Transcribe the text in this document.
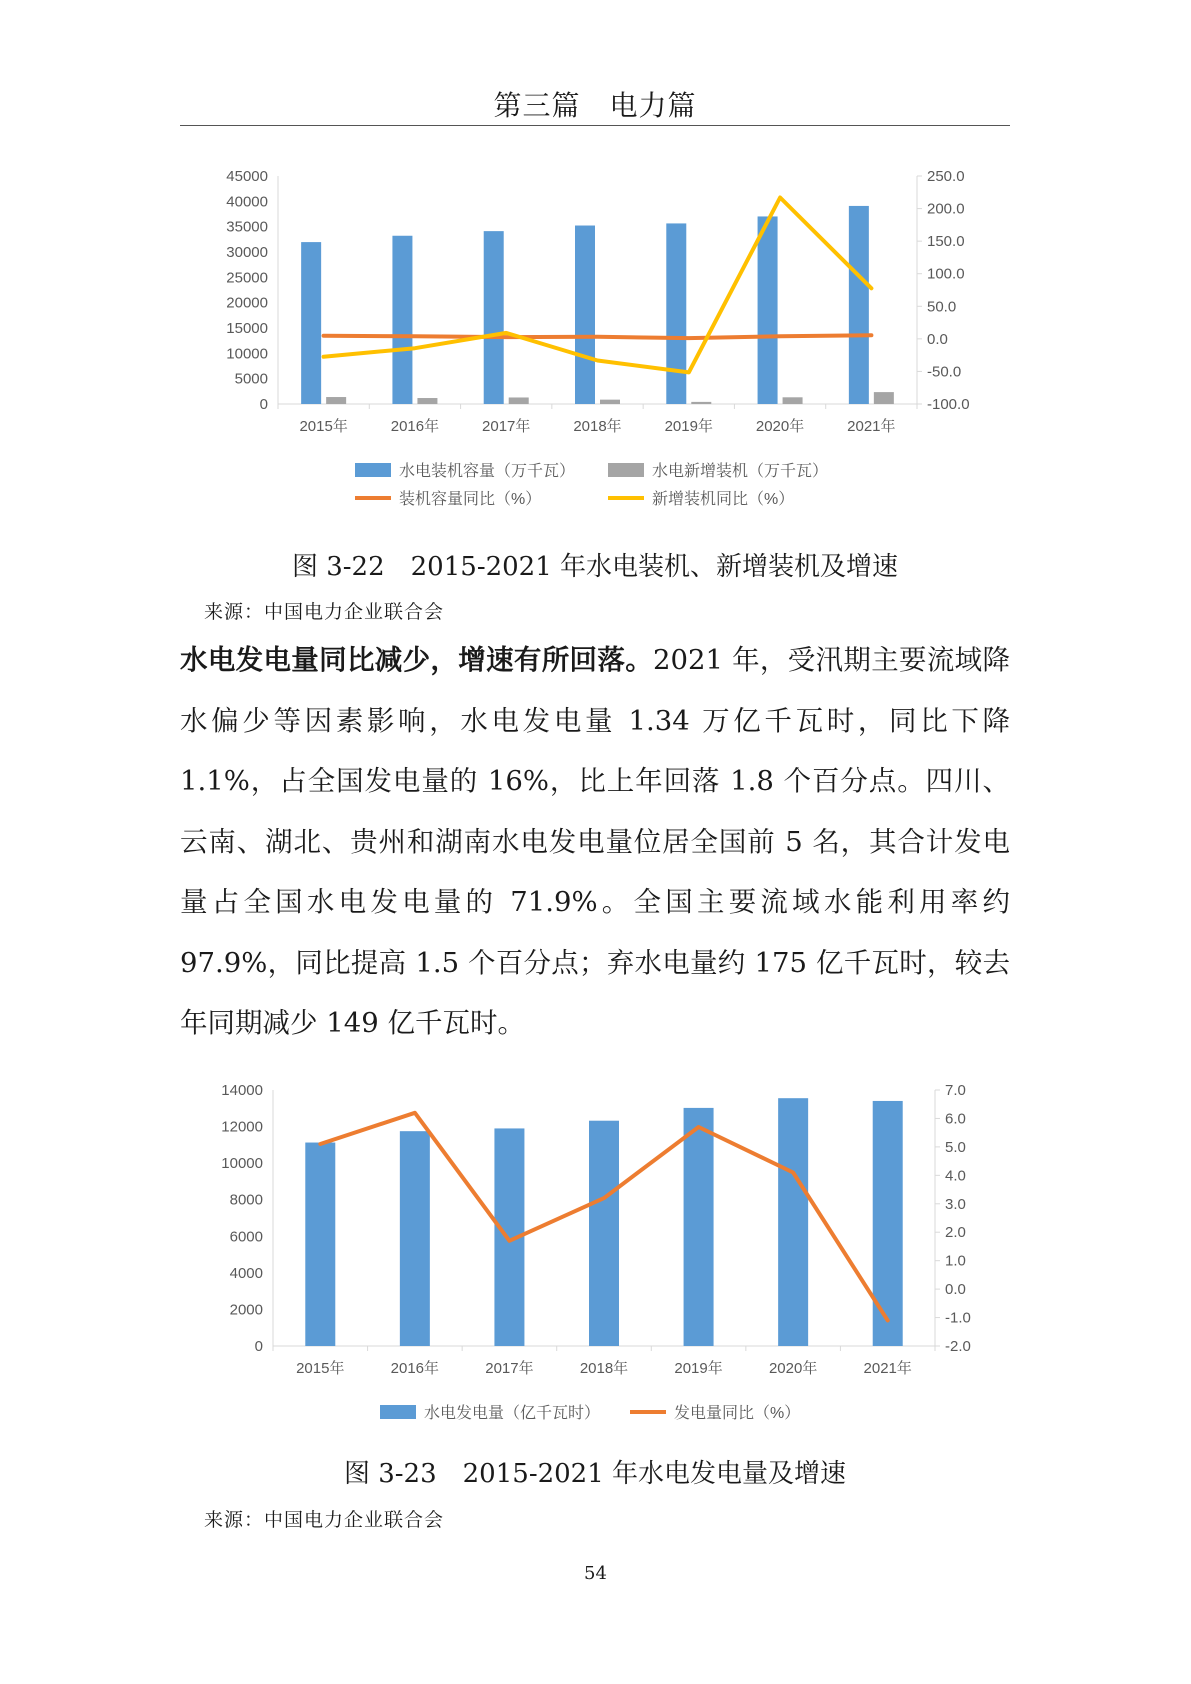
第三篇　电力篇
0
5000
10000
15000
20000
25000
30000
35000
40000
45000
-100.0
-50.0
0.0
50.0
100.0
150.0
200.0
250.0
2015年	2016年	2017年	2018年	2019年	2020年	2021年
水电装机容量（万千瓦）	水电新增装机（万千瓦）
装机容量同比（%）	新增装机同比（%）
图 3-22　2015-2021 年水电装机、新增装机及增速
来源：中国电力企业联合会
水电发电量同比减少，增速有所回落。2021 年，受汛期主要流域降水偏少等因素影响，水电发电量 1.34 万亿千瓦时，同比下降 1.1%，占全国发电量的 16%，比上年回落 1.8 个百分点。四川、云南、湖北、贵州和湖南水电发电量位居全国前 5 名，其合计发电量占全国水电发电量的 71.9%。全国主要流域水能利用率约 97.9%，同比提高 1.5 个百分点；弃水电量约 175 亿千瓦时，较去年同期减少 149 亿千瓦时。
0
2000
4000
6000
8000
10000
12000
14000
-2.0
-1.0
0.0
1.0
2.0
3.0
4.0
5.0
6.0
7.0
2015年	2016年	2017年	2018年	2019年	2020年	2021年
水电发电量（亿千瓦时）	发电量同比（%）
图 3-23　2015-2021 年水电发电量及增速
来源：中国电力企业联合会
54
